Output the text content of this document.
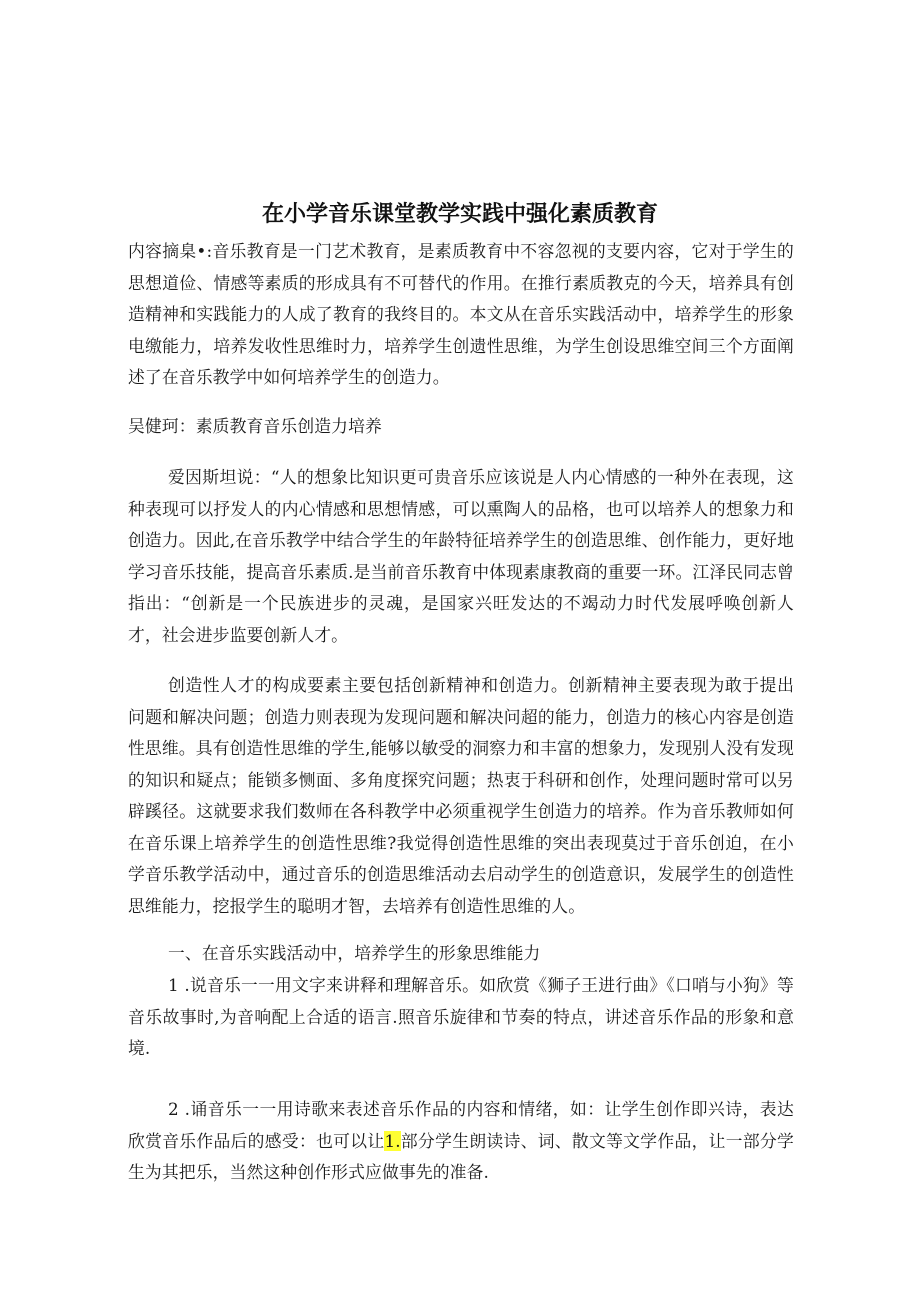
在小学音乐课堂教学实践中强化素质教育

内容摘臬•:音乐教育是一门艺术教育，是素质教育中不容忽视的支要内容，它对于学生的思想道俭、情感等素质的形成具有不可替代的作用。在推行素质教克的今天，培养具有创造精神和实践能力的人成了教育的我终目的。本文从在音乐实践活动中，培养学生的形象电缴能力，培养发收性思维时力，培养学生创遗性思维，为学生创设思维空间三个方面阐述了在音乐教学中如何培养学生的创造力。

吴健珂：素质教育音乐创造力培养

爱因斯坦说：“人的想象比知识更可贵音乐应该说是人内心情感的一种外在表现，这种表现可以抒发人的内心情感和思想情感，可以熏陶人的品格，也可以培养人的想象力和创造力。因此,在音乐教学中结合学生的年龄特征培养学生的创造思维、创作能力，更好地学习音乐技能，提高音乐素质.是当前音乐教育中体现素康教商的重要一环。江泽民同志曾指出：“创新是一个民族进步的灵魂，是国家兴旺发达的不竭动力时代发展呼唤创新人才，社会进步监要创新人才。

创造性人才的构成要素主要包括创新精神和创造力。创新精神主要表现为敢于提出问题和解决问题；创造力则表现为发现问题和解决问超的能力，创造力的核心内容是创造性思维。具有创造性思维的学生,能够以敏受的洞察力和丰富的想象力，发现别人没有发现的知识和疑点；能锁多恻面、多角度探究问题；热衷于科研和创作，处理问题时常可以另辟蹊径。这就要求我们数师在各科教学中必须重视学生创造力的培养。作为音乐教师如何在音乐课上培养学生的创造性思维?我觉得创造性思维的突出表现莫过于音乐创迫，在小学音乐教学活动中，通过音乐的创造思维活动去启动学生的创造意识，发展学生的创造性思维能力，挖报学生的聪明才智，去培养有创造性思维的人。

一、在音乐实践活动中，培养学生的形象思维能力

1 .说音乐一一用文字来讲释和理解音乐。如欣赏《狮子王进行曲》《口哨与小狗》等音乐故事时,为音响配上合适的语言.照音乐旋律和节奏的特点，讲述音乐作品的形象和意境.

2 .诵音乐一一用诗歌来表述音乐作品的内容和情绪，如：让学生创作即兴诗，表达欣赏音乐作品后的感受：也可以让1.部分学生朗读诗、词、散文等文学作品，让一部分学生为其把乐，当然这种创作形式应做事先的准备.
